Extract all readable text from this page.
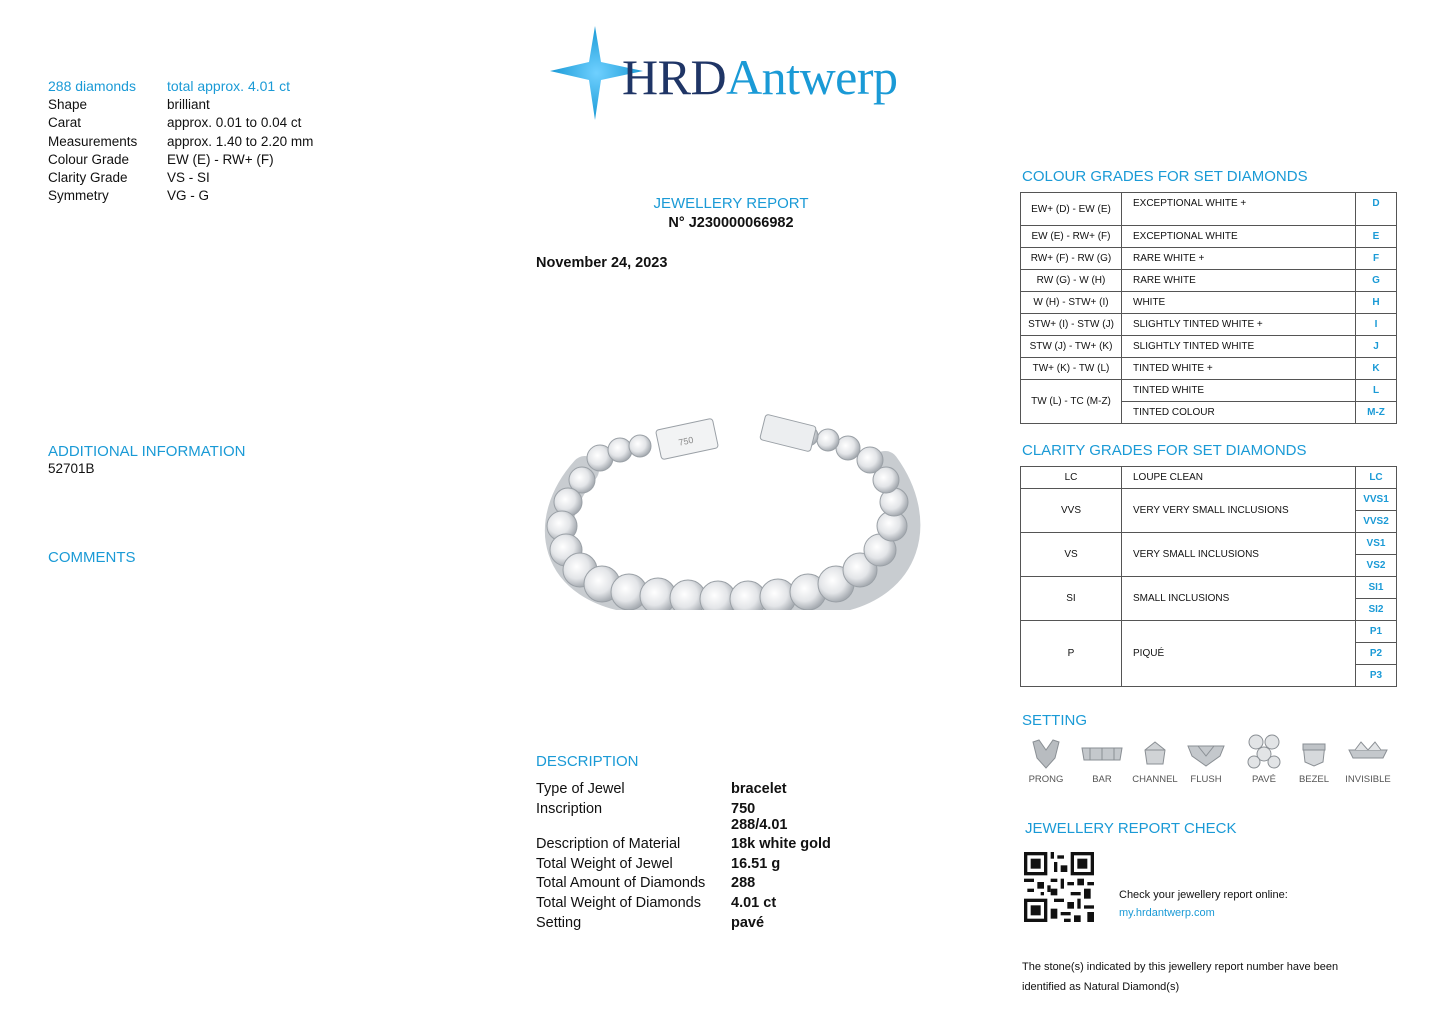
HRDAntwerp
288 diamonds total approx. 4.01 ct
Shape	brilliant
Carat	approx. 0.01 to 0.04 ct
Measurements approx. 1.40 to 2.20 mm
Colour Grade	EW (E) - RW+ (F)
Clarity Grade	VS - SI
Symmetry	VG - G
ADDITIONAL INFORMATION
52701B
COMMENTS
JEWELLERY REPORT
N° J230000066982
November 24, 2023
750
DESCRIPTION
Type of Jewel	bracelet
Inscription	750
288/4.01
Description of Material	18k white gold
Total Weight of Jewel	16.51 g
Total Amount of Diamonds 288
Total Weight of Diamonds 4.01 ct
Setting	pavé
COLOUR GRADES FOR SET DIAMONDS
EW+ (D) - EW (E)	EXCEPTIONAL WHITE +	D
EW (E) - RW+ (F)	EXCEPTIONAL WHITE	E
RW+ (F) - RW (G)	RARE WHITE +	F
RW (G) - W (H)	RARE WHITE	G
W (H) - STW+ (I)	WHITE	H
STW+ (I) - STW (J)	SLIGHTLY TINTED WHITE +	I
STW (J) - TW+ (K)	SLIGHTLY TINTED WHITE	J
TW+ (K) - TW (L)	TINTED WHITE +	K
TW (L) - TC (M-Z)	TINTED WHITE	L
	TINTED COLOUR	M-Z
CLARITY GRADES FOR SET DIAMONDS
LC	LOUPE CLEAN	LC
VVS	VERY VERY SMALL INCLUSIONS	VVS1
		VVS2
VS	VERY SMALL INCLUSIONS	VS1
		VS2
SI	SMALL INCLUSIONS	SI1
		SI2
P	PIQUÉ	P1
		P2
		P3
SETTING
PRONG	BAR	CHANNEL	FLUSH	PAVÉ	BEZEL	INVISIBLE
JEWELLERY REPORT CHECK
Check your jewellery report online:
my.hrdantwerp.com
The stone(s) indicated by this jewellery report number have been
identified as Natural Diamond(s)
